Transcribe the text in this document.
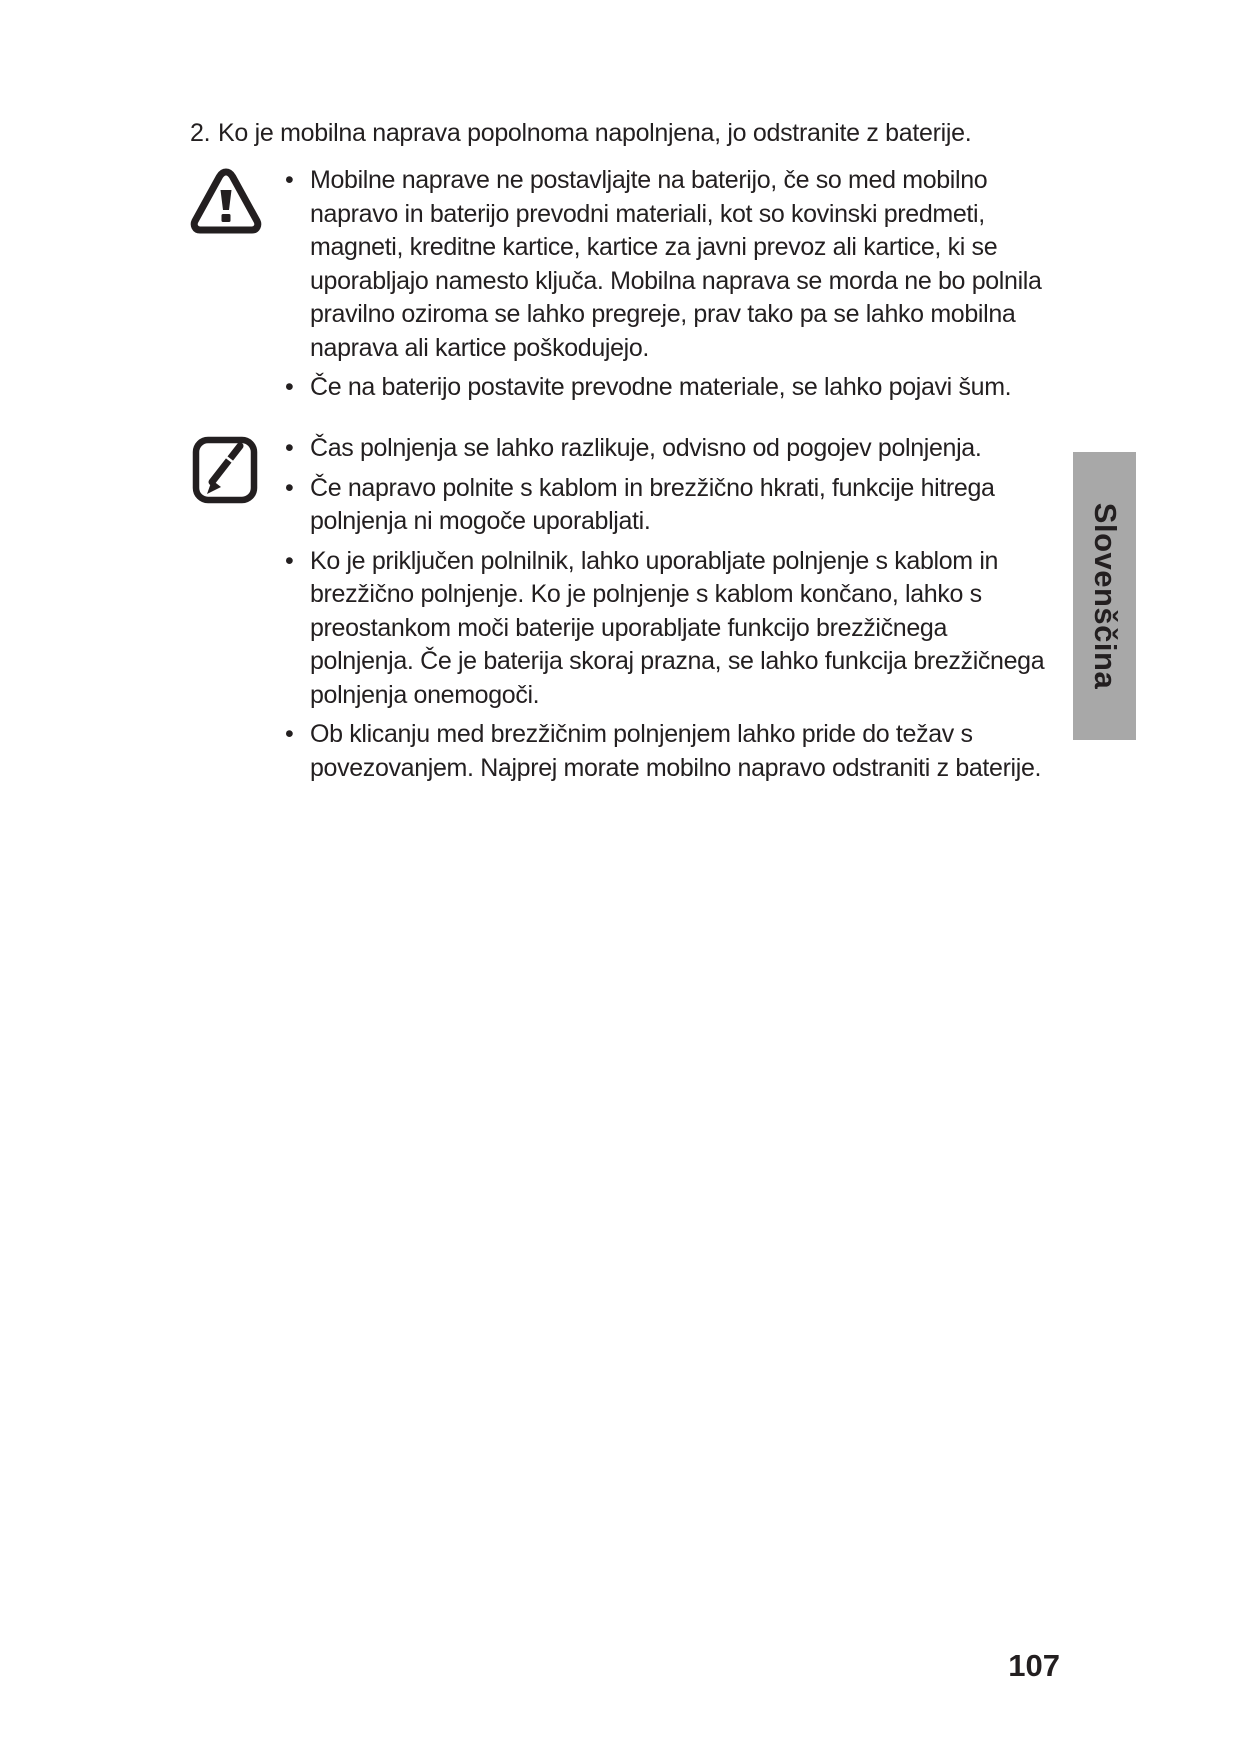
2. Ko je mobilna naprava popolnoma napolnjena, jo odstranite z baterije.
• Mobilne naprave ne postavljajte na baterijo, če so med mobilno napravo in baterijo prevodni materiali, kot so kovinski predmeti, magneti, kreditne kartice, kartice za javni prevoz ali kartice, ki se uporabljajo namesto ključa. Mobilna naprava se morda ne bo polnila pravilno oziroma se lahko pregreje, prav tako pa se lahko mobilna naprava ali kartice poškodujejo.
• Če na baterijo postavite prevodne materiale, se lahko pojavi šum.
• Čas polnjenja se lahko razlikuje, odvisno od pogojev polnjenja.
• Če napravo polnite s kablom in brezžično hkrati, funkcije hitrega polnjenja ni mogoče uporabljati.
• Ko je priključen polnilnik, lahko uporabljate polnjenje s kablom in brezžično polnjenje. Ko je polnjenje s kablom končano, lahko s preostankom moči baterije uporabljate funkcijo brezžičnega polnjenja. Če je baterija skoraj prazna, se lahko funkcija brezžičnega polnjenja onemogoči.
• Ob klicanju med brezžičnim polnjenjem lahko pride do težav s povezovanjem. Najprej morate mobilno napravo odstraniti z baterije.
Slovenščina
107
